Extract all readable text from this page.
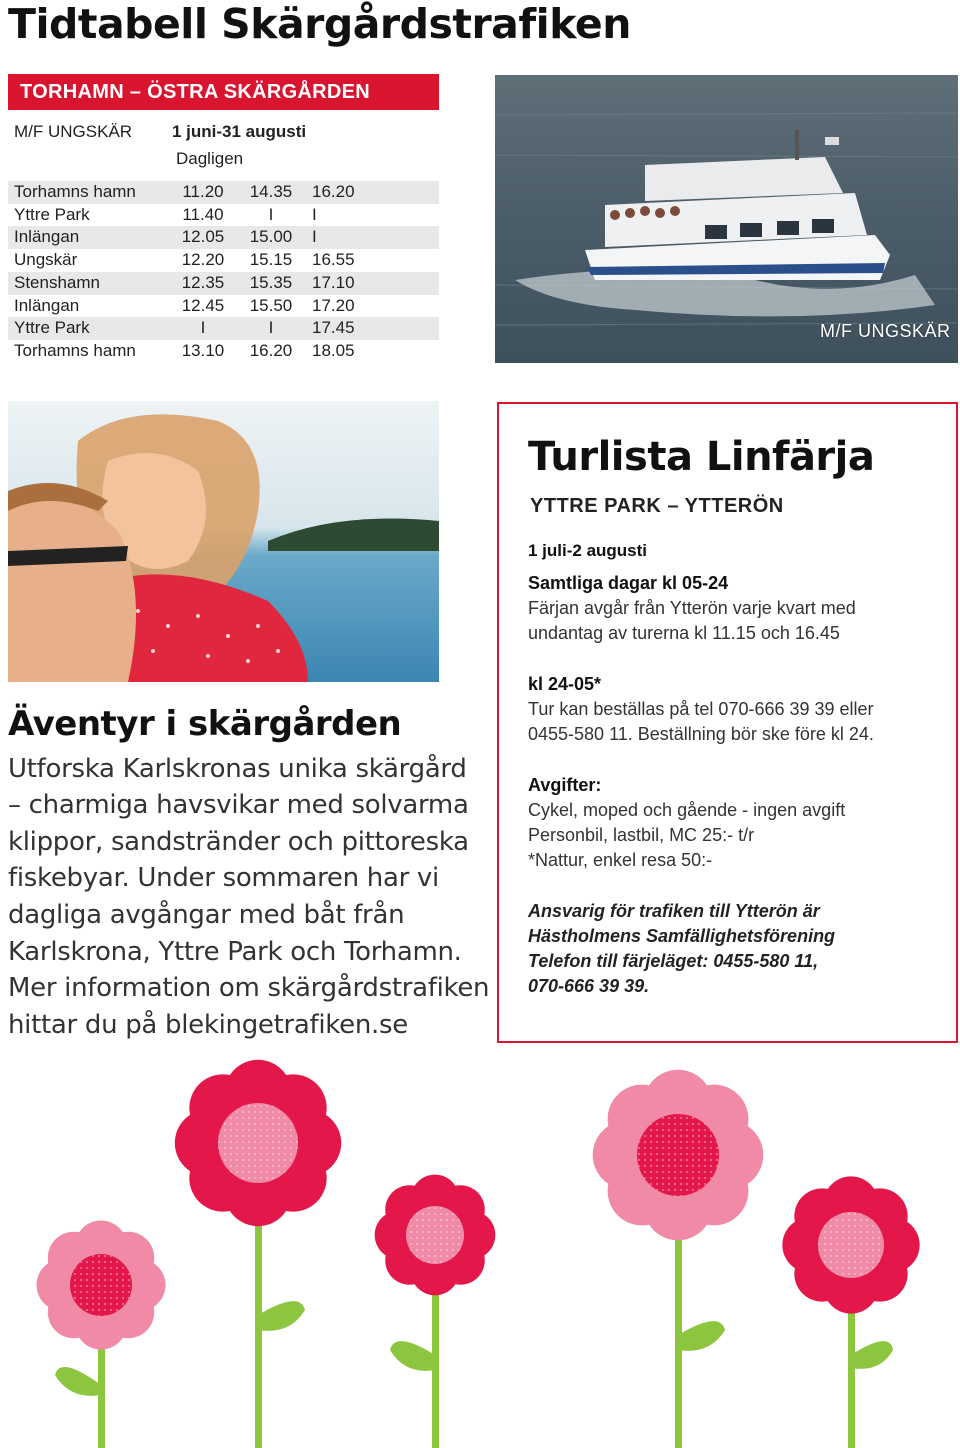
Tidtabell Skärgårdstrafiken
TORHAMN – ÖSTRA SKÄRGÅRDEN
M/F UNGSKÄR 1 juni-31 augusti
Dagligen
Torhamns hamn	11.20	14.35	16.20
Yttre Park	11.40	I	I
Inlängan	12.05	15.00	I
Ungskär	12.20	15.15	16.55
Stenshamn	12.35	15.35	17.10
Inlängan	12.45	15.50	17.20
Yttre Park	I	I	17.45
Torhamns hamn	13.10	16.20	18.05
M/F UNGSKÄR
Äventyr i skärgården
Utforska Karlskronas unika skärgård
– charmiga havsvikar med solvarma
klippor, sandstränder och pittoreska
fiskebyar. Under sommaren har vi
dagliga avgångar med båt från
Karlskrona, Yttre Park och Torhamn.
Mer information om skärgårdstrafiken
hittar du på blekingetrafiken.se
Turlista Linfärja
YTTRE PARK – YTTERÖN
1 juli-2 augusti
Samtliga dagar kl 05-24
Färjan avgår från Ytterön varje kvart med
undantag av turerna kl 11.15 och 16.45
kl 24-05*
Tur kan beställas på tel 070-666 39 39 eller
0455-580 11. Beställning bör ske före kl 24.
Avgifter:
Cykel, moped och gående - ingen avgift
Personbil, lastbil, MC 25:- t/r
*Nattur, enkel resa 50:-
Ansvarig för trafiken till Ytterön är
Hästholmens Samfällighetsförening
Telefon till färjeläget: 0455-580 11,
070-666 39 39.
